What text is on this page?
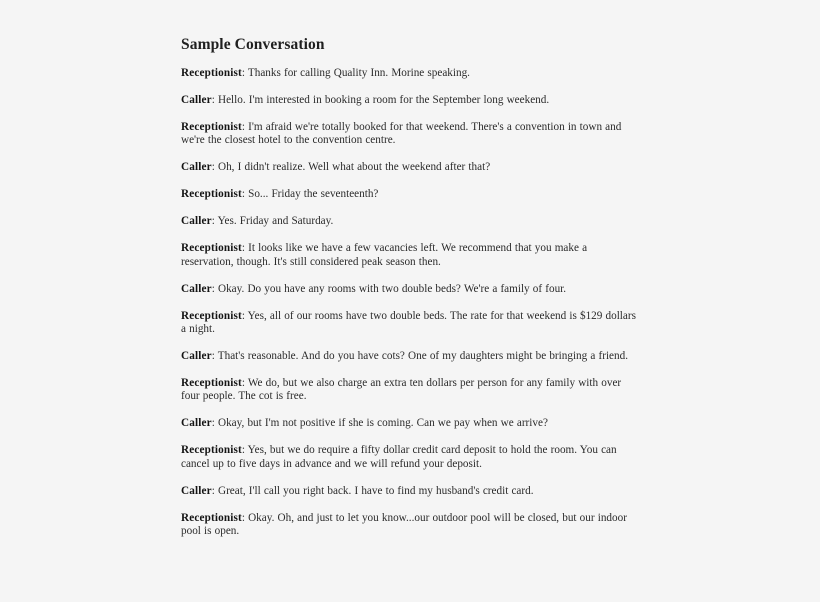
Sample Conversation

Receptionist: Thanks for calling Quality Inn. Morine speaking.

Caller: Hello. I'm interested in booking a room for the September long weekend.

Receptionist: I'm afraid we're totally booked for that weekend. There's a convention in town and we're the closest hotel to the convention centre.

Caller: Oh, I didn't realize. Well what about the weekend after that?

Receptionist: So... Friday the seventeenth?

Caller: Yes. Friday and Saturday.

Receptionist: It looks like we have a few vacancies left. We recommend that you make a reservation, though. It's still considered peak season then.

Caller: Okay. Do you have any rooms with two double beds? We're a family of four.

Receptionist: Yes, all of our rooms have two double beds. The rate for that weekend is $129 dollars a night.

Caller: That's reasonable. And do you have cots? One of my daughters might be bringing a friend.

Receptionist: We do, but we also charge an extra ten dollars per person for any family with over four people. The cot is free.

Caller: Okay, but I'm not positive if she is coming. Can we pay when we arrive?

Receptionist: Yes, but we do require a fifty dollar credit card deposit to hold the room. You can cancel up to five days in advance and we will refund your deposit.

Caller: Great, I'll call you right back. I have to find my husband's credit card.

Receptionist: Okay. Oh, and just to let you know...our outdoor pool will be closed, but our indoor pool is open.
